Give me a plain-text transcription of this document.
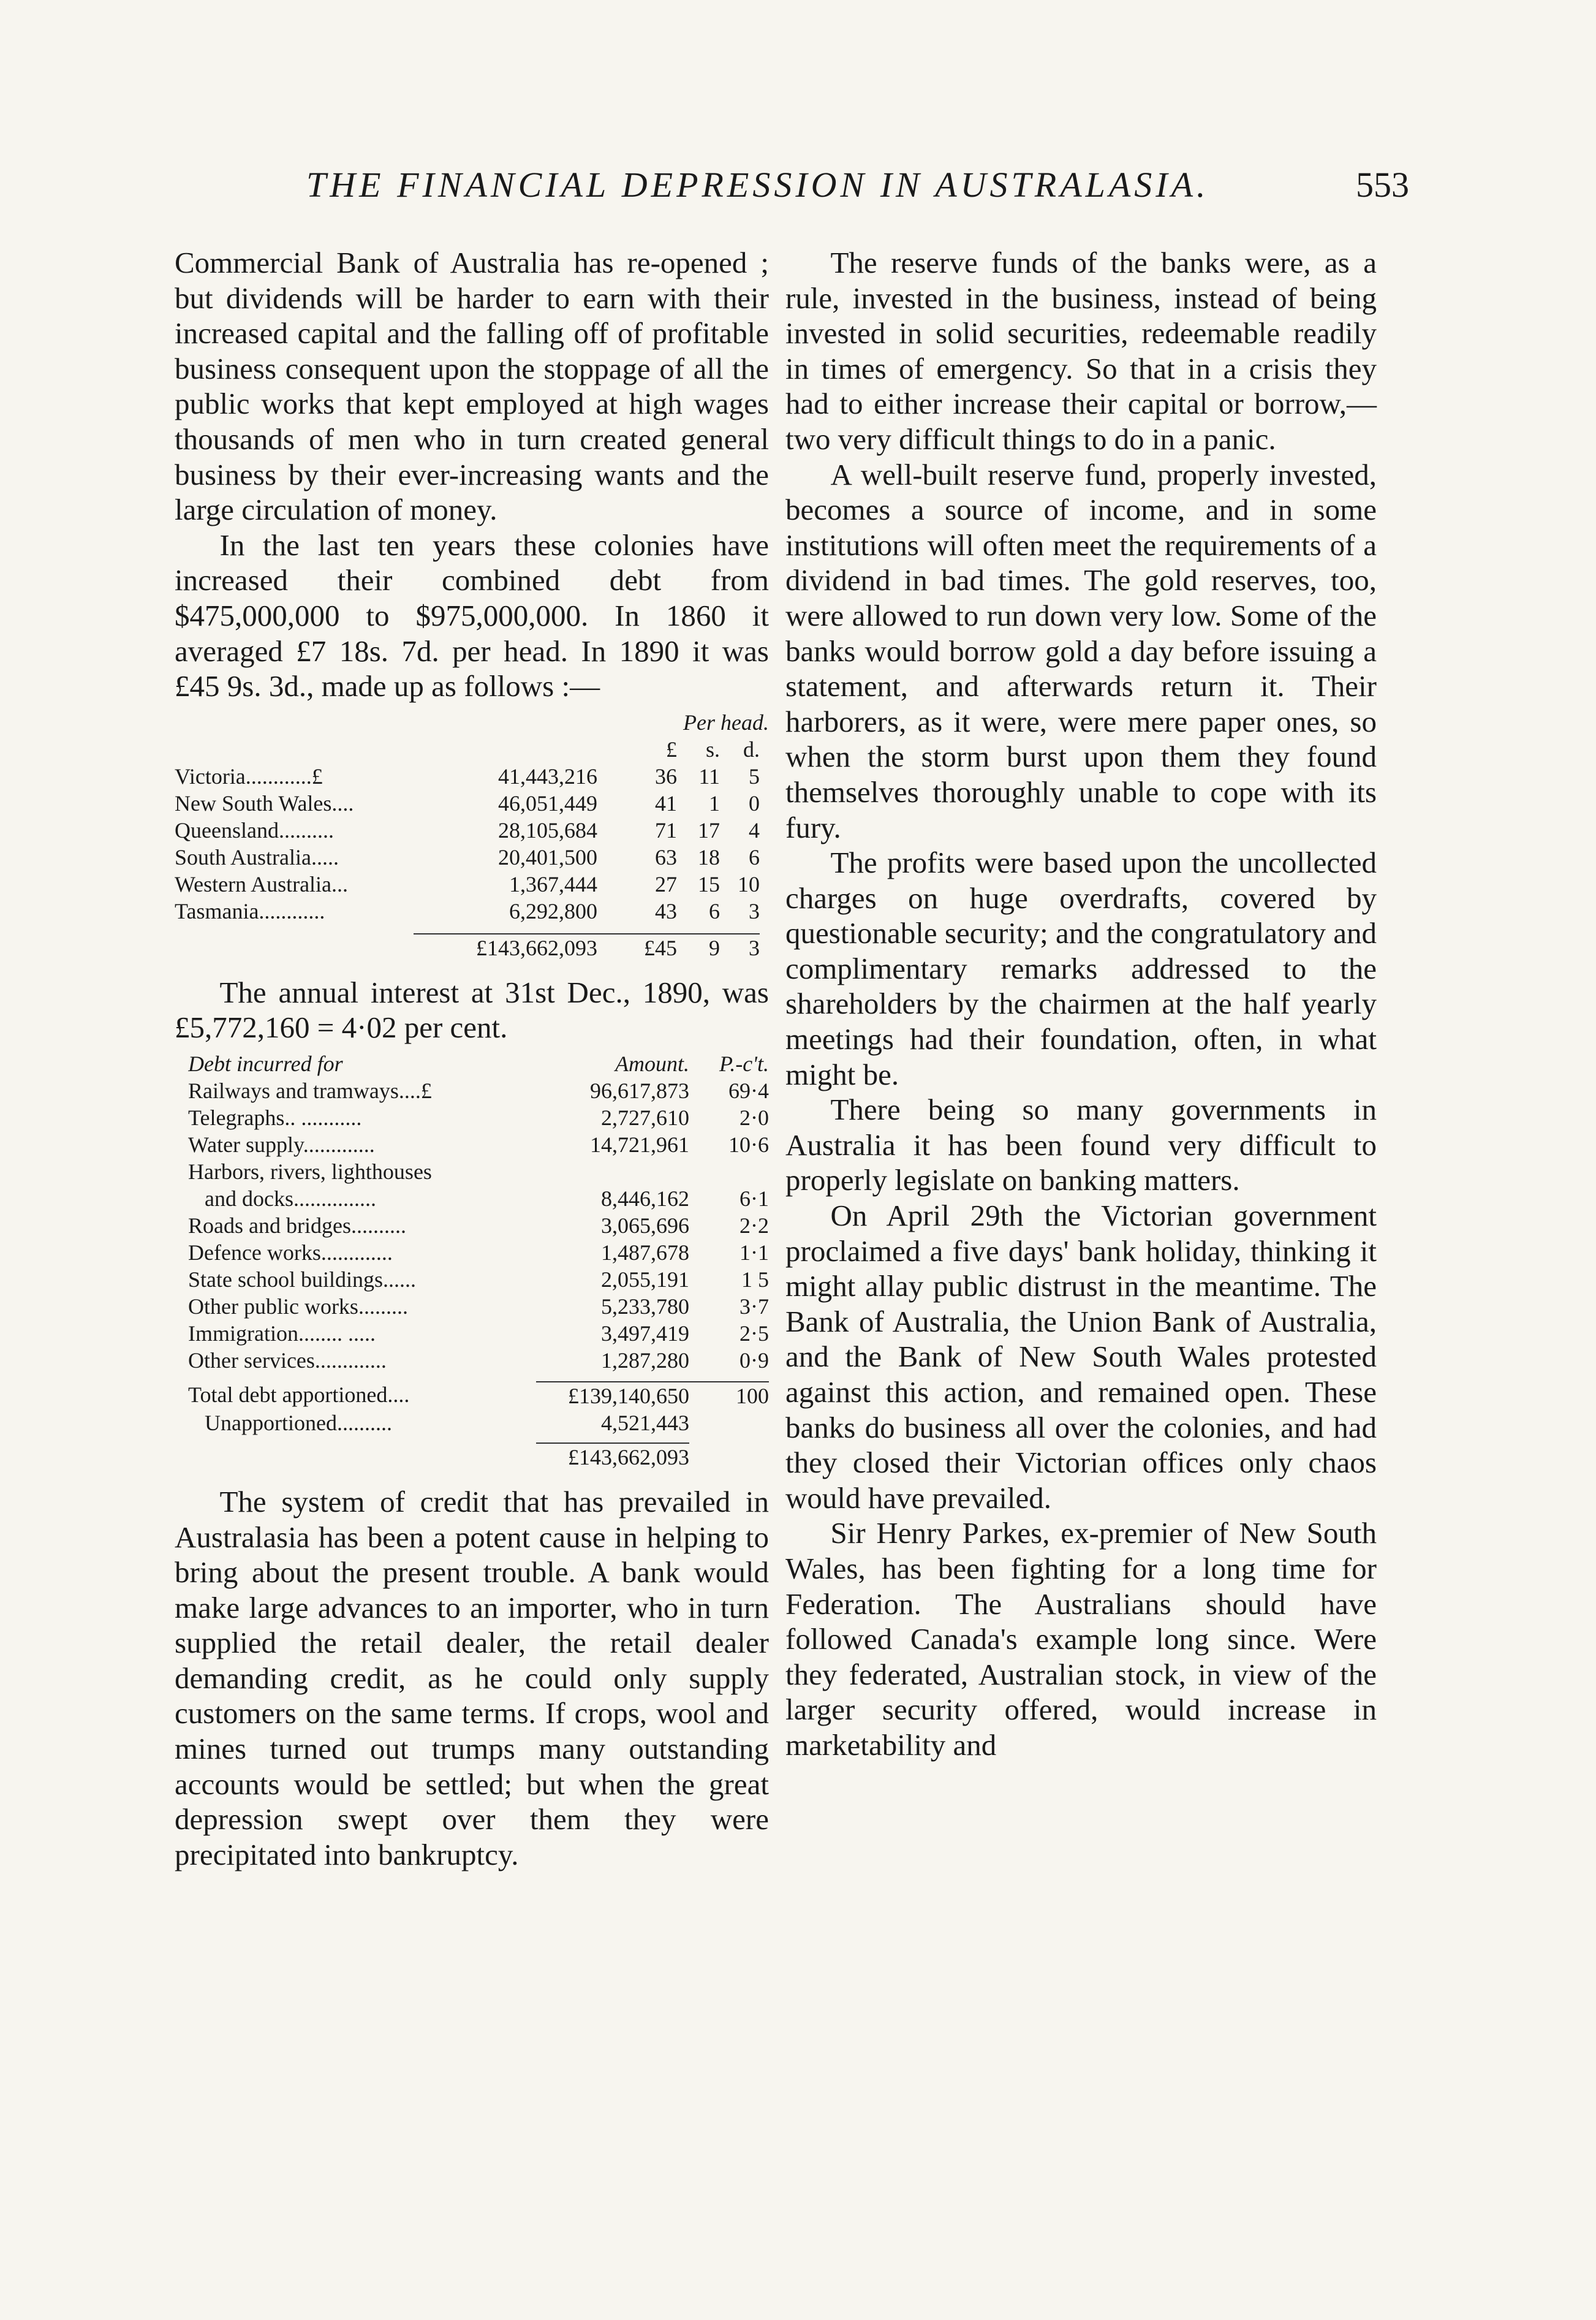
THE FINANCIAL DEPRESSION IN AUSTRALASIA.	553

Commercial Bank of Australia has re-opened ; but dividends will be harder to earn with their increased capital and the falling off of profitable business consequent upon the stoppage of all the public works that kept employed at high wages thousands of men who in turn created general business by their ever-increasing wants and the large circulation of money.

In the last ten years these colonies have increased their combined debt from $475,000,000 to $975,000,000. In 1860 it averaged £7 18s. 7d. per head. In 1890 it was £45 9s. 3d., made up as follows :—

Per head.
£	s.	d.
Victoria............£	41,443,216	36 11	5
New South Wales....	46,051,449	41	1	0
Queensland..........	28,105,684	71 17	4
South Australia.....	20,401,500	63 18	6
Western Australia...	1,367,444	27 15 10
Tasmania............	6,292,800	43	6	3
£143,662,093	£45	9	3

The annual interest at 31st Dec., 1890, was £5,772,160 = 4·02 per cent.

Debt incurred for	Amount.	P.-c't.
Railways and tramways....£	96,617,873	69·4
Telegraphs.. ...........	2,727,610	2·0
Water supply.............	14,721,961	10·6
Harbors, rivers, lighthouses
and docks...............	8,446,162	6·1
Roads and bridges..........	3,065,696	2·2
Defence works.............	1,487,678	1·1
State school buildings......	2,055,191	1 5
Other public works.........	5,233,780	3·7
Immigration........ .....	3,497,419	2·5
Other services.............	1,287,280	0·9
Total debt apportioned....	£139,140,650	100
Unapportioned..........	4,521,443
£143,662,093

The system of credit that has prevailed in Australasia has been a potent cause in helping to bring about the present trouble. A bank would make large advances to an importer, who in turn supplied the retail dealer, the retail dealer demanding credit, as he could only supply customers on the same terms. If crops, wool and mines turned out trumps many outstanding accounts would be settled; but when the great depression swept over them they were precipitated into bankruptcy.

The reserve funds of the banks were, as a rule, invested in the business, instead of being invested in solid securities, redeemable readily in times of emergency. So that in a crisis they had to either increase their capital or borrow,—two very difficult things to do in a panic.

A well-built reserve fund, properly invested, becomes a source of income, and in some institutions will often meet the requirements of a dividend in bad times. The gold reserves, too, were allowed to run down very low. Some of the banks would borrow gold a day before issuing a statement, and afterwards return it. Their harborers, as it were, were mere paper ones, so when the storm burst upon them they found themselves thoroughly unable to cope with its fury.

The profits were based upon the uncollected charges on huge overdrafts, covered by questionable security; and the congratulatory and complimentary remarks addressed to the shareholders by the chairmen at the half yearly meetings had their foundation, often, in what might be.

There being so many governments in Australia it has been found very difficult to properly legislate on banking matters.

On April 29th the Victorian government proclaimed a five days' bank holiday, thinking it might allay public distrust in the meantime. The Bank of Australia, the Union Bank of Australia, and the Bank of New South Wales protested against this action, and remained open. These banks do business all over the colonies, and had they closed their Victorian offices only chaos would have prevailed.

Sir Henry Parkes, ex-premier of New South Wales, has been fighting for a long time for Federation. The Australians should have followed Canada's example long since. Were they federated, Australian stock, in view of the larger security offered, would increase in marketability and
